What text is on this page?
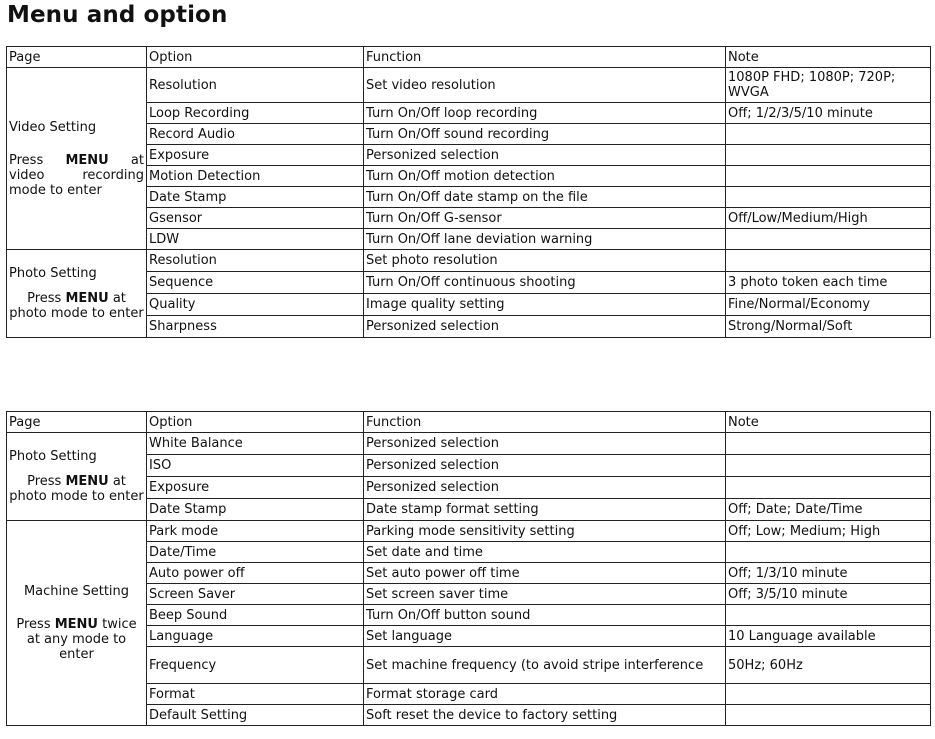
Menu and option
Page	Option	Function	Note

Video Setting
Press MENU at video recording mode to enter	Resolution	Set video resolution	1080P FHD; 1080P; 720P; WVGA
	Loop Recording	Turn On/Off loop recording	Off; 1/2/3/5/10 minute
	Record Audio	Turn On/Off sound recording	
	Exposure	Personized selection	
	Motion Detection	Turn On/Off motion detection	
	Date Stamp	Turn On/Off date stamp on the file	
	Gsensor	Turn On/Off G-sensor	Off/Low/Medium/High
	LDW	Turn On/Off lane deviation warning	

Photo Setting
Press MENU at photo mode to enter	Resolution	Set photo resolution	
	Sequence	Turn On/Off continuous shooting	3 photo token each time
	Quality	Image quality setting	Fine/Normal/Economy
	Sharpness	Personized selection	Strong/Normal/Soft
Page	Option	Function	Note

Photo Setting
Press MENU at photo mode to enter	White Balance	Personized selection	
	ISO	Personized selection	
	Exposure	Personized selection	
	Date Stamp	Date stamp format setting	Off; Date; Date/Time

Machine Setting
Press MENU twice at any mode to enter	Park mode	Parking mode sensitivity setting	Off; Low; Medium; High
	Date/Time	Set date and time	
	Auto power off	Set auto power off time	Off; 1/3/10 minute
	Screen Saver	Set screen saver time	Off; 3/5/10 minute
	Beep Sound	Turn On/Off button sound	
	Language	Set language	10 Language available
	Frequency	Set machine frequency (to avoid stripe interference	50Hz; 60Hz
	Format	Format storage card	
	Default Setting	Soft reset the device to factory setting	
